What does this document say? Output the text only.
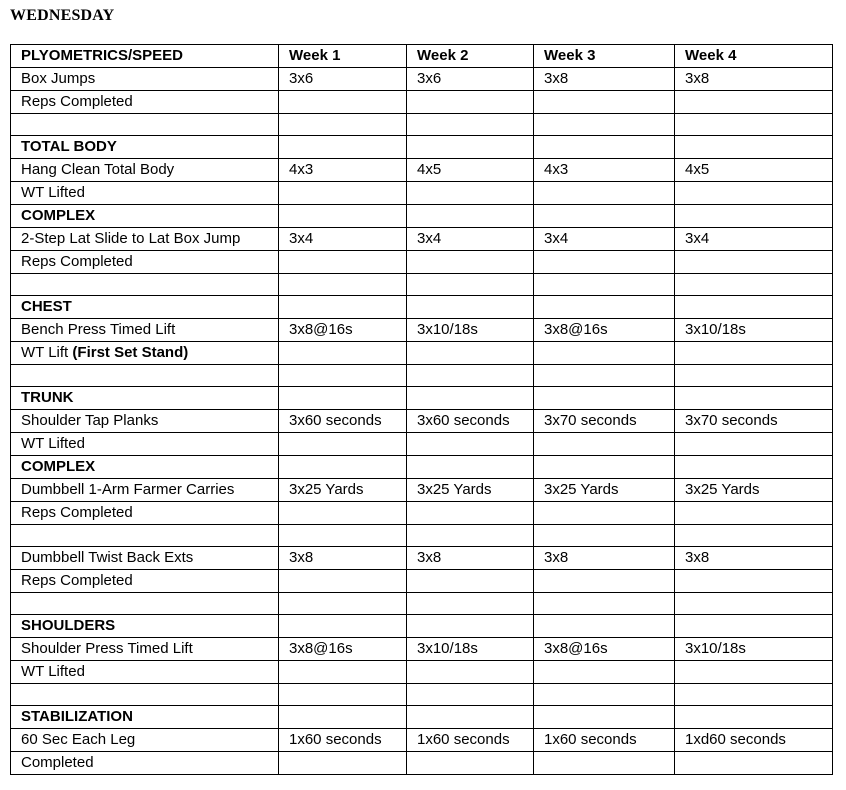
WEDNESDAY
PLYOMETRICS/SPEED	Week 1	Week 2	Week 3	Week 4
Box Jumps	3x6	3x6	3x8	3x8
Reps Completed				

TOTAL BODY				
Hang Clean Total Body	4x3	4x5	4x3	4x5
WT Lifted				
COMPLEX				
2-Step Lat Slide to Lat Box Jump	3x4	3x4	3x4	3x4
Reps Completed				

CHEST				
Bench Press Timed Lift	3x8@16s	3x10/18s	3x8@16s	3x10/18s
WT Lift (First Set Stand)				

TRUNK				
Shoulder Tap Planks	3x60 seconds	3x60 seconds	3x70 seconds	3x70 seconds
WT Lifted				
COMPLEX				
Dumbbell 1-Arm Farmer Carries	3x25 Yards	3x25 Yards	3x25 Yards	3x25 Yards
Reps Completed				

Dumbbell Twist Back Exts	3x8	3x8	3x8	3x8
Reps Completed				

SHOULDERS				
Shoulder Press Timed Lift	3x8@16s	3x10/18s	3x8@16s	3x10/18s
WT Lifted				

STABILIZATION				
60 Sec Each Leg	1x60 seconds	1x60 seconds	1x60 seconds	1xd60 seconds
Completed				
